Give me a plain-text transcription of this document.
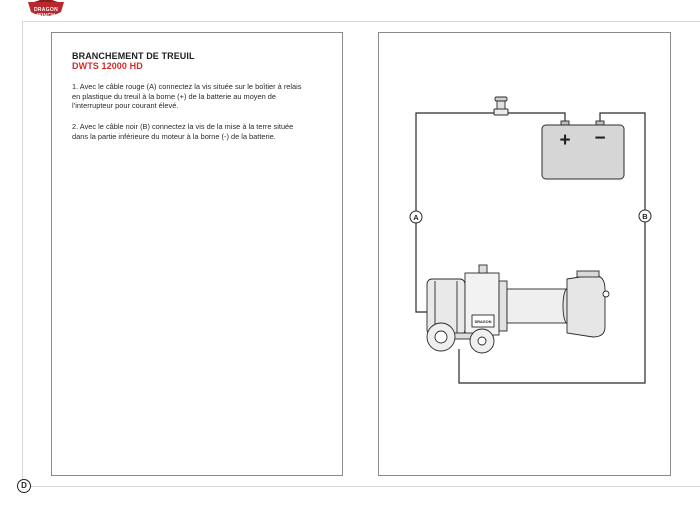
DRAGON WINCH
BRANCHEMENT DE TREUIL
DWTS 12000 HD

1. Avec le câble rouge (A) connectez la vis située sur le boîtier à relais en plastique du treuil à la borne (+) de la batterie au moyen de l’interrupteur pour courant élevé.

2. Avec le câble noir (B) connectez la vis de la mise à la terre située dans la partie inférieure du moteur à la borne (-) de la batterie.	+ −
A	B
DRAGON
D
